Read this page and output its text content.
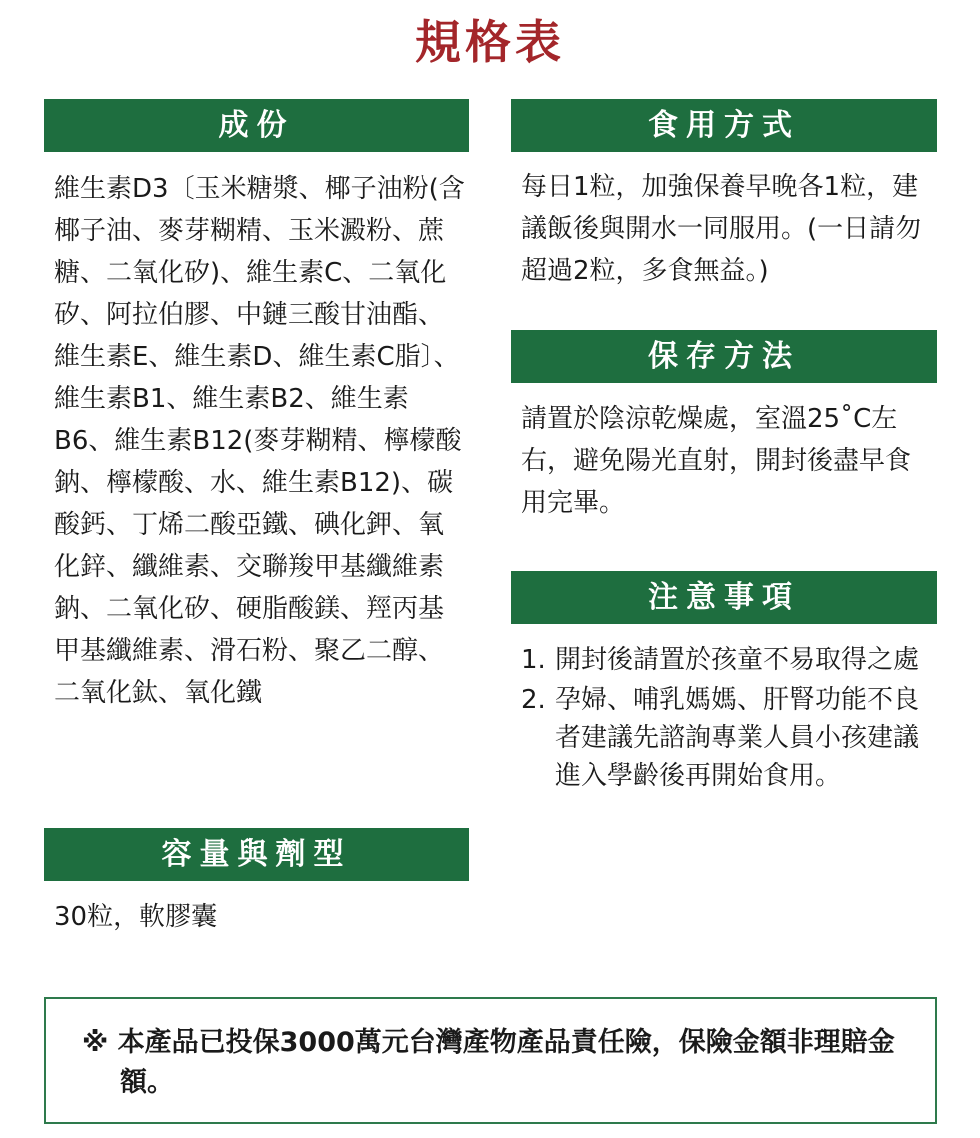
規格表
成份
維生素D3〔玉米糖漿、椰子油粉(含椰子油、麥芽糊精、玉米澱粉、蔗糖、二氧化矽)、維生素C、二氧化矽、阿拉伯膠、中鏈三酸甘油酯、維生素E、維生素D、維生素C脂〕、維生素B1、維生素B2、維生素B6、維生素B12(麥芽糊精、檸檬酸鈉、檸檬酸、水、維生素B12)、碳酸鈣、丁烯二酸亞鐵、碘化鉀、氧化鋅、纖維素、交聯羧甲基纖維素鈉、二氧化矽、硬脂酸鎂、羥丙基甲基纖維素、滑石粉、聚乙二醇、二氧化鈦、氧化鐵
容量與劑型
30粒，軟膠囊
食用方式
每日1粒，加強保養早晚各1粒，建議飯後與開水一同服用。(一日請勿超過2粒，多食無益。)
保存方法
請置於陰涼乾燥處，室溫25˚C左右，避免陽光直射，開封後盡早食用完畢。
注意事項
1. 開封後請置於孩童不易取得之處
2. 孕婦、哺乳媽媽、肝腎功能不良者建議先諮詢專業人員小孩建議進入學齡後再開始食用。
※ 本產品已投保3000萬元台灣產物產品責任險，保險金額非理賠金額。
